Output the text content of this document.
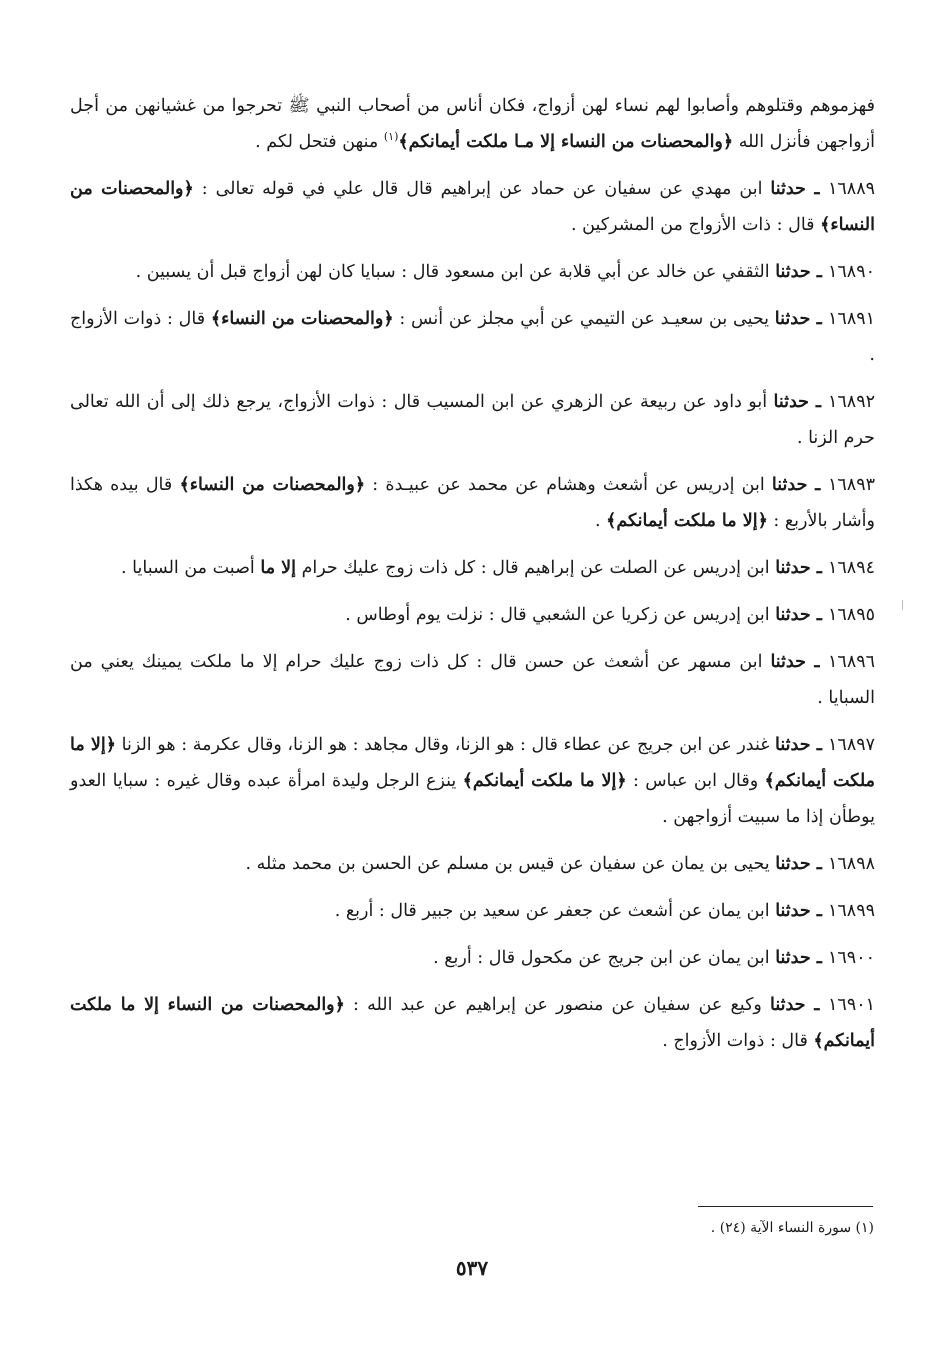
فهزموهم وقتلوهم وأصابوا لهم نساء لهن أزواج، فكان أناس من أصحاب النبي ﷺ تحرجوا من غشيانهن من أجل أزواجهن فأنزل الله ﴿والمحصنات من النساء إلا مـا ملكت أيمانكم﴾$^{(١)}$ منهن فتحل لكم .

١٦٨٨٩ ـ حدثنا ابن مهدي عن سفيان عن حماد عن إبراهيم قال قال علي في قوله تعالى : ﴿والمحصنات من النساء﴾ قال : ذات الأزواج من المشركين .

١٦٨٩٠ ـ حدثنا الثقفي عن خالد عن أبي قلابة عن ابن مسعود قال : سبايا كان لهن أزواج قبل أن يسبين .

١٦٨٩١ ـ حدثنا يحيى بن سعيـد عن التيمي عن أبي مجلز عن أنس : ﴿والمحصنات من النساء﴾ قال : ذوات الأزواج .

١٦٨٩٢ ـ حدثنا أبو داود عن ربيعة عن الزهري عن ابن المسيب قال : ذوات الأزواج، يرجع ذلك إلى أن الله تعالى حرم الزنا .

١٦٨٩٣ ـ حدثنا ابن إدريس عن أشعث وهشام عن محمد عن عبيـدة : ﴿والمحصنات من النساء﴾ قال بيده هكذا وأشار بالأربع : ﴿إلا ما ملكت أيمانكم﴾ .

١٦٨٩٤ ـ حدثنا ابن إدريس عن الصلت عن إبراهيم قال : كل ذات زوج عليك حرام إلا ما أصبت من السبايا .

١٦٨٩٥ ـ حدثنا ابن إدريس عن زكريا عن الشعبي قال : نزلت يوم أوطاس .

١٦٨٩٦ ـ حدثنا ابن مسهر عن أشعث عن حسن قال : كل ذات زوج عليك حرام إلا ما ملكت يمينك يعني من السبايا .

١٦٨٩٧ ـ حدثنا غندر عن ابن جريج عن عطاء قال : هو الزنا، وقال مجاهد : هو الزنا، وقال عكرمة : هو الزنا ﴿إلا ما ملكت أيمانكم﴾ وقال ابن عباس : ﴿إلا ما ملكت أيمانكم﴾ ينزع الرجل وليدة امرأة عبده وقال غيره : سبايا العدو يوطأن إذا ما سبيت أزواجهن .

١٦٨٩٨ ـ حدثنا يحيى بن يمان عن سفيان عن قيس بن مسلم عن الحسن بن محمد مثله .

١٦٨٩٩ ـ حدثنا ابن يمان عن أشعث عن جعفر عن سعيد بن جبير قال : أربع .

١٦٩٠٠ ـ حدثنا ابن يمان عن ابن جريج عن مكحول قال : أربع .

١٦٩٠١ ـ حدثنا وكيع عن سفيان عن منصور عن إبراهيم عن عبد الله : ﴿والمحصنات من النساء إلا ما ملكت أيمانكم﴾ قال : ذوات الأزواج .

(١) سورة النساء الآية (٢٤) .
٥٣٧
